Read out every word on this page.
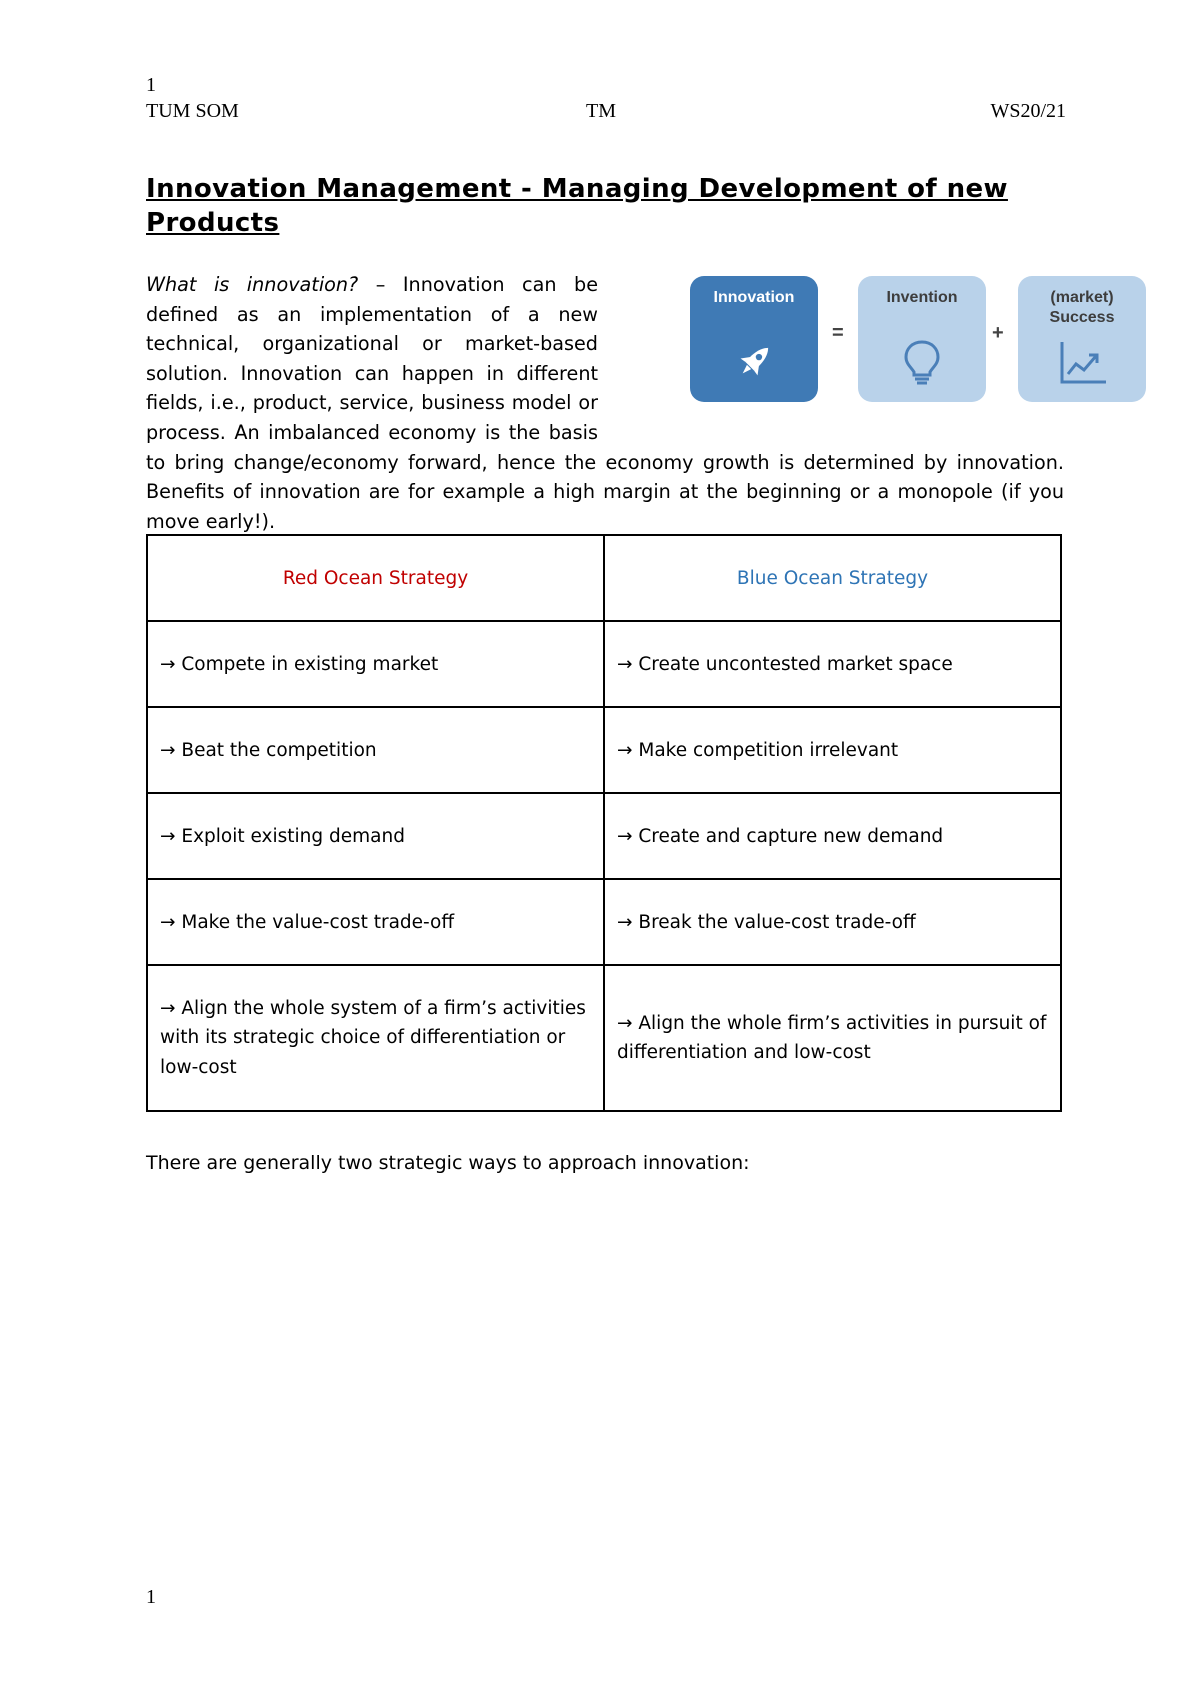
1
TUM SOM	TM	WS20/21
Innovation Management - Managing Development of new Products

What is innovation? – Innovation can be defined as an implementation of a new technical, organizational or market-based solution. Innovation can happen in different fields, i.e., product, service, business model or process. An imbalanced economy is the basis to bring change/economy forward, hence the economy growth is determined by innovation. Benefits of innovation are for example a high margin at the beginning or a monopole (if you move early!).

Innovation
=
Invention
+
(market)
Success
Red Ocean Strategy	Blue Ocean Strategy
→ Compete in existing market	→ Create uncontested market space
→ Beat the competition	→ Make competition irrelevant
→ Exploit existing demand	→ Create and capture new demand
→ Make the value-cost trade-off	→ Break the value-cost trade-off
→ Align the whole system of a firm’s activities with its strategic choice of differentiation or low-cost	→ Align the whole firm’s activities in pursuit of differentiation and low-cost

There are generally two strategic ways to approach innovation:

1
